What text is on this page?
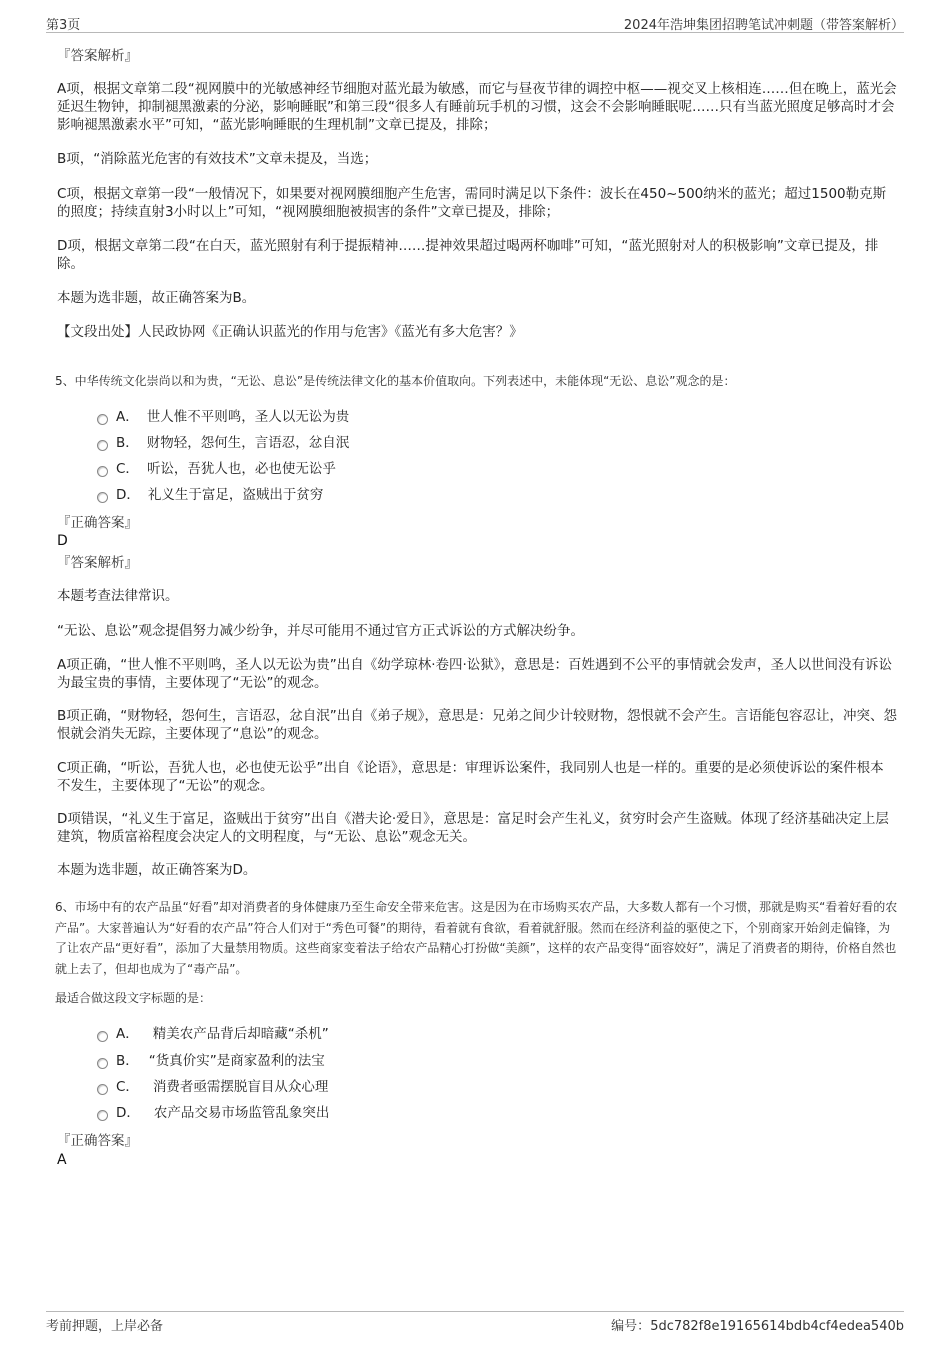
第3页	2024年浩坤集团招聘笔试冲刺题（带答案解析）
『答案解析』

A项，根据文章第二段“视网膜中的光敏感神经节细胞对蓝光最为敏感，而它与昼夜节律的调控中枢——视交叉上核相连……但在晚上，蓝光会延迟生物钟，抑制褪黑激素的分泌，影响睡眠”和第三段“很多人有睡前玩手机的习惯，这会不会影响睡眠呢……只有当蓝光照度足够高时才会影响褪黑激素水平”可知，“蓝光影响睡眠的生理机制”文章已提及，排除；

B项，“消除蓝光危害的有效技术”文章未提及，当选；

C项，根据文章第一段“一般情况下，如果要对视网膜细胞产生危害，需同时满足以下条件：波长在450~500纳米的蓝光；超过1500勒克斯的照度；持续直射3小时以上”可知，“视网膜细胞被损害的条件”文章已提及，排除；

D项，根据文章第二段“在白天，蓝光照射有利于提振精神……提神效果超过喝两杯咖啡”可知，“蓝光照射对人的积极影响”文章已提及，排除。

本题为选非题，故正确答案为B。

【文段出处】人民政协网《正确认识蓝光的作用与危害》《蓝光有多大危害？》

5、中华传统文化崇尚以和为贵，“无讼、息讼”是传统法律文化的基本价值取向。下列表述中，未能体现“无讼、息讼”观念的是：
A． 世人惟不平则鸣，圣人以无讼为贵
B． 财物轻，怨何生，言语忍，忿自泯
C． 听讼，吾犹人也，必也使无讼乎
D． 礼义生于富足，盗贼出于贫穷
『正确答案』
D
『答案解析』

本题考查法律常识。

“无讼、息讼”观念提倡努力减少纷争，并尽可能用不通过官方正式诉讼的方式解决纷争。

A项正确，“世人惟不平则鸣，圣人以无讼为贵”出自《幼学琼林·卷四·讼狱》，意思是：百姓遇到不公平的事情就会发声，圣人以世间没有诉讼为最宝贵的事情，主要体现了“无讼”的观念。

B项正确，“财物轻，怨何生，言语忍，忿自泯”出自《弟子规》，意思是：兄弟之间少计较财物，怨恨就不会产生。言语能包容忍让，冲突、怨恨就会消失无踪，主要体现了“息讼”的观念。

C项正确，“听讼，吾犹人也，必也使无讼乎”出自《论语》，意思是：审理诉讼案件，我同别人也是一样的。重要的是必须使诉讼的案件根本不发生，主要体现了“无讼”的观念。

D项错误，“礼义生于富足，盗贼出于贫穷”出自《潜夫论·爱日》，意思是：富足时会产生礼义，贫穷时会产生盗贼。体现了经济基础决定上层建筑，物质富裕程度会决定人的文明程度，与“无讼、息讼”观念无关。

本题为选非题，故正确答案为D。

6、市场中有的农产品虽“好看”却对消费者的身体健康乃至生命安全带来危害。这是因为在市场购买农产品，大多数人都有一个习惯，那就是购买“看着好看的农产品”。大家普遍认为“好看的农产品”符合人们对于“秀色可餐”的期待，看着就有食欲，看着就舒服。然而在经济利益的驱使之下，个别商家开始剑走偏锋，为了让农产品“更好看”，添加了大量禁用物质。这些商家变着法子给农产品精心打扮做“美颜”，这样的农产品变得“面容姣好”，满足了消费者的期待，价格自然也就上去了，但却也成为了“毒产品”。
最适合做这段文字标题的是：
A． 精美农产品背后却暗藏“杀机”
B． “货真价实”是商家盈利的法宝
C． 消费者亟需摆脱盲目从众心理
D． 农产品交易市场监管乱象突出
『正确答案』
A
考前押题，上岸必备	编号：5dc782f8e19165614bdb4cf4edea540b
